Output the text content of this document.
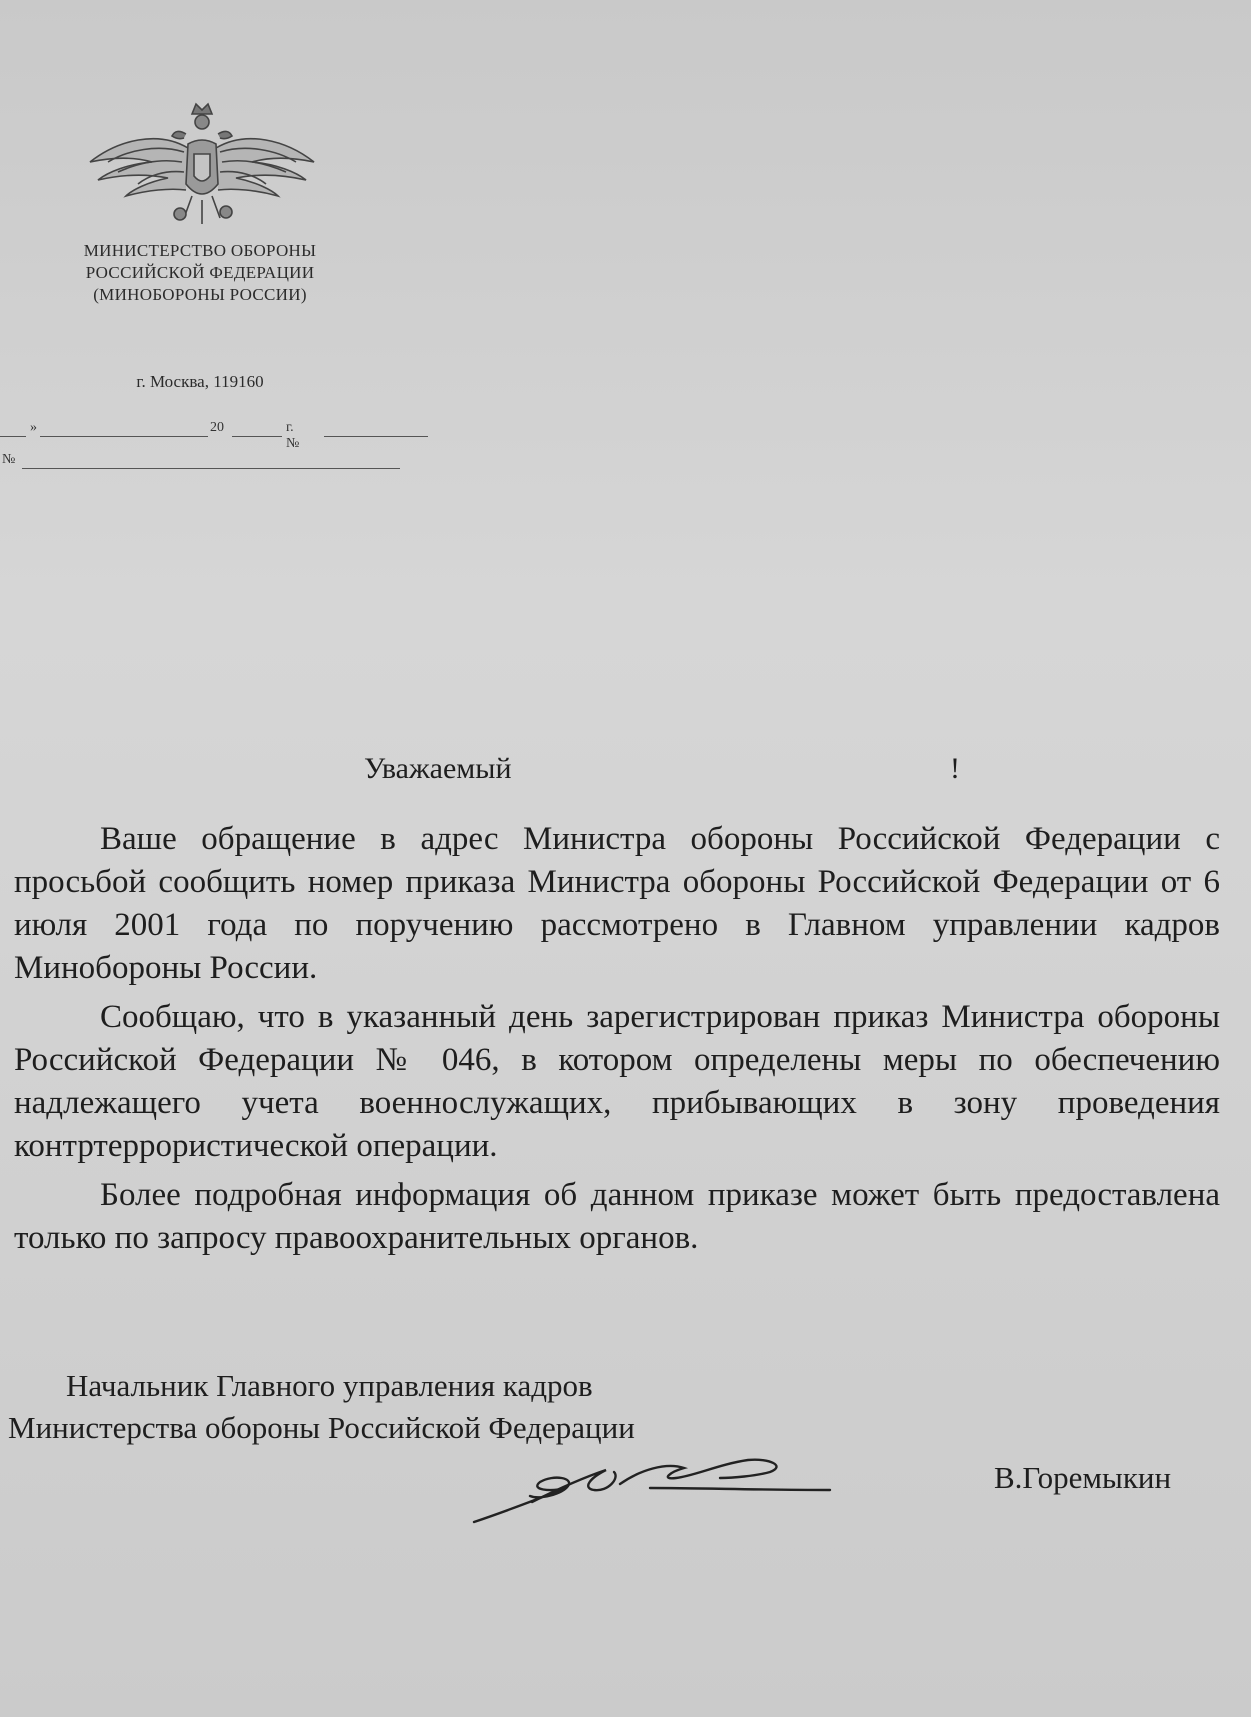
МИНИСТЕРСТВО ОБОРОНЫ
РОССИЙСКОЙ ФЕДЕРАЦИИ
(МИНОБОРОНЫ РОССИИ)
г. Москва, 119160
»	20	г. №
№
Уважаемый	!

Ваше обращение в адрес Министра обороны Российской Федерации с просьбой сообщить номер приказа Министра обороны Российской Федерации от 6 июля 2001 года по поручению рассмотрено в Главном управлении кадров Минобороны России.

Сообщаю, что в указанный день зарегистрирован приказ Министра обороны Российской Федерации № 046, в котором определены меры по обеспечению надлежащего учета военнослужащих, прибывающих в зону проведения контртеррористической операции.

Более подробная информация об данном приказе может быть предоставлена только по запросу правоохранительных органов.

Начальник Главного управления кадров
Министерства обороны Российской Федерации
В.Горемыкин
